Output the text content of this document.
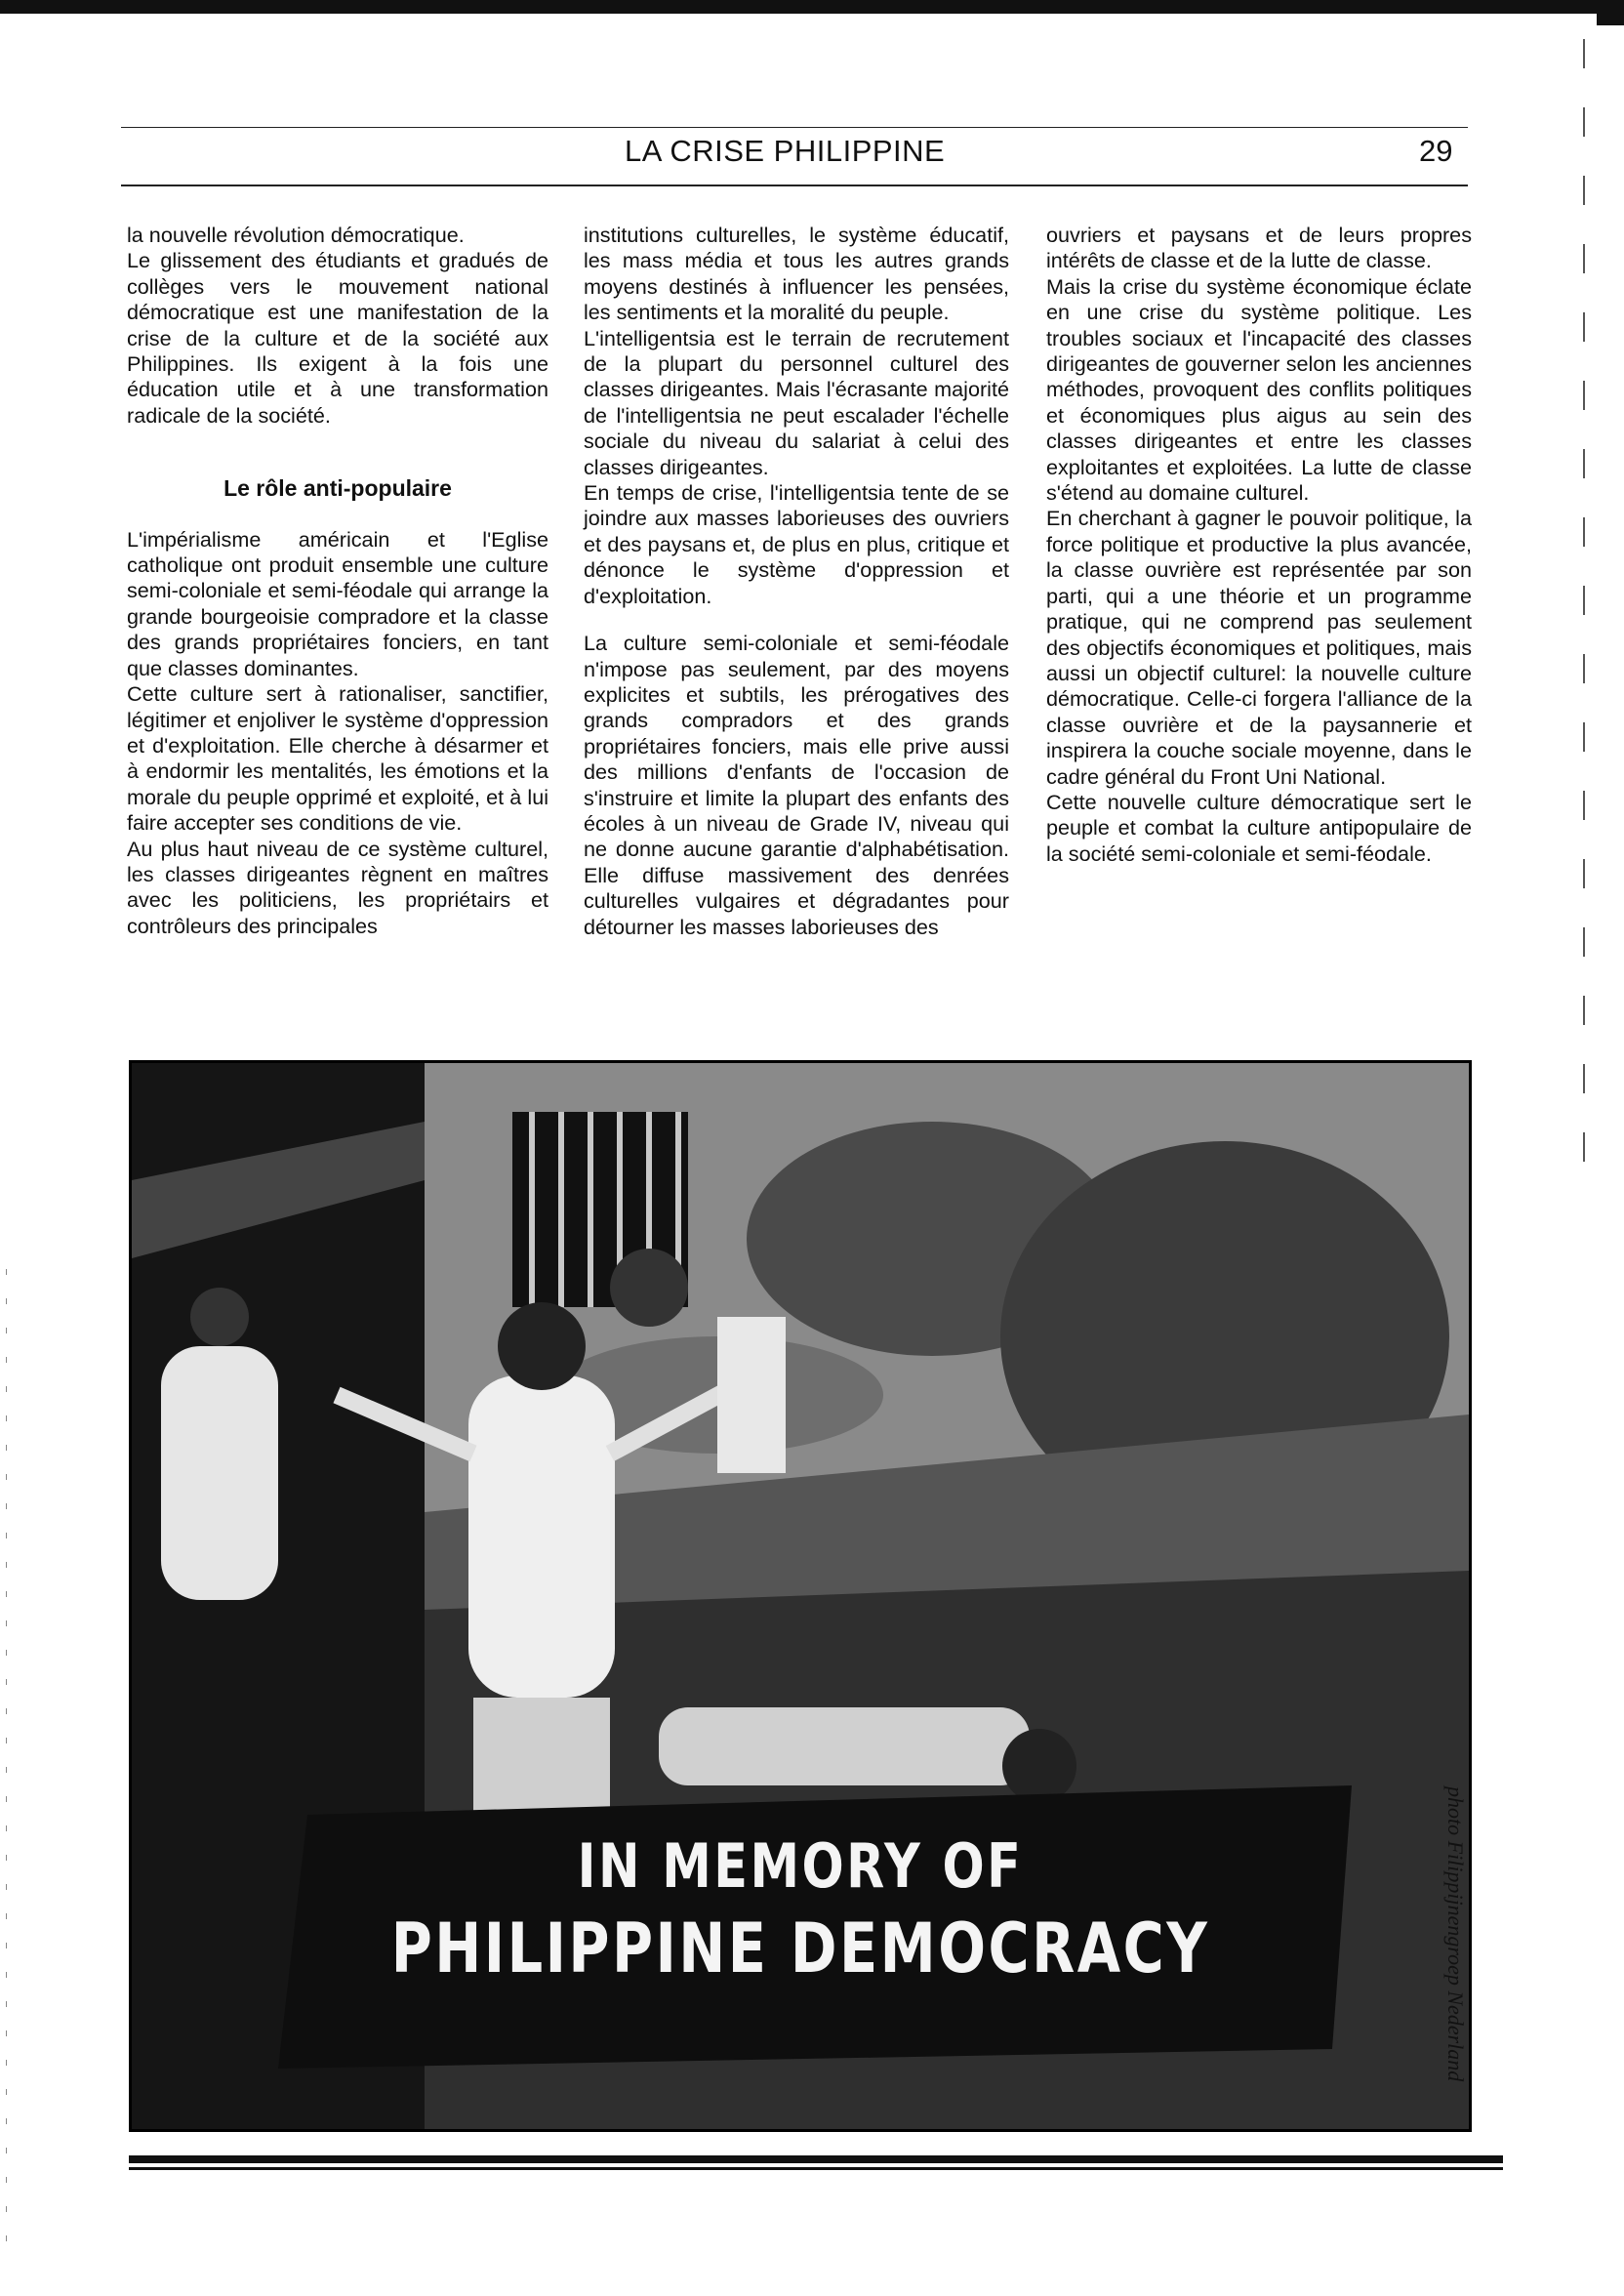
LA CRISE PHILIPPINE	29

la nouvelle révolution démocratique.

Le glissement des étudiants et gradués de collèges vers le mouvement national démocratique est une manifestation de la crise de la culture et de la société aux Philippines. Ils exigent à la fois une éducation utile et à une transformation radicale de la société.

Le rôle anti-populaire

L'impérialisme américain et l'Eglise catholique ont produit ensemble une culture semi-coloniale et semi-féodale qui arrange la grande bourgeoisie compradore et la classe des grands propriétaires fonciers, en tant que classes dominantes.

Cette culture sert à rationaliser, sanctifier, légitimer et enjoliver le système d'oppression et d'exploitation. Elle cherche à désarmer et à endormir les mentalités, les émotions et la morale du peuple opprimé et exploité, et à lui faire accepter ses conditions de vie.

Au plus haut niveau de ce système culturel, les classes dirigeantes règnent en maîtres avec les politiciens, les propriétairs et contrôleurs des principales

institutions culturelles, le système éducatif, les mass média et tous les autres grands moyens destinés à influencer les pensées, les sentiments et la moralité du peuple.

L'intelligentsia est le terrain de recrutement de la plupart du personnel culturel des classes dirigeantes. Mais l'écrasante majorité de l'intelligentsia ne peut escalader l'échelle sociale du niveau du salariat à celui des classes dirigeantes.

En temps de crise, l'intelligentsia tente de se joindre aux masses laborieuses des ouvriers et des paysans et, de plus en plus, critique et dénonce le système d'oppression et d'exploitation.

La culture semi-coloniale et semi-féodale n'impose pas seulement, par des moyens explicites et subtils, les prérogatives des grands compradors et des grands propriétaires fonciers, mais elle prive aussi des millions d'enfants de l'occasion de s'instruire et limite la plupart des enfants des écoles à un niveau de Grade IV, niveau qui ne donne aucune garantie d'alphabétisation. Elle diffuse massivement des denrées culturelles vulgaires et dégradantes pour détourner les masses laborieuses des

ouvriers et paysans et de leurs propres intérêts de classe et de la lutte de classe.

Mais la crise du système économique éclate en une crise du système politique. Les troubles sociaux et l'incapacité des classes dirigeantes de gouverner selon les anciennes méthodes, provoquent des conflits politiques et économiques plus aigus au sein des classes dirigeantes et entre les classes exploitantes et exploitées. La lutte de classe s'étend au domaine culturel.

En cherchant à gagner le pouvoir politique, la force politique et productive la plus avancée, la classe ouvrière est représentée par son parti, qui a une théorie et un programme pratique, qui ne comprend pas seulement des objectifs économiques et politiques, mais aussi un objectif culturel: la nouvelle culture démocratique. Celle-ci forgera l'alliance de la classe ouvrière et de la paysannerie et inspirera la couche sociale moyenne, dans le cadre général du Front Uni National.

Cette nouvelle culture démocratique sert le peuple et combat la culture antipopulaire de la société semi-coloniale et semi-féodale.

IN MEMORY OF
PHILIPPINE DEMOCRACY	photo Filippijnengroep Nederland
